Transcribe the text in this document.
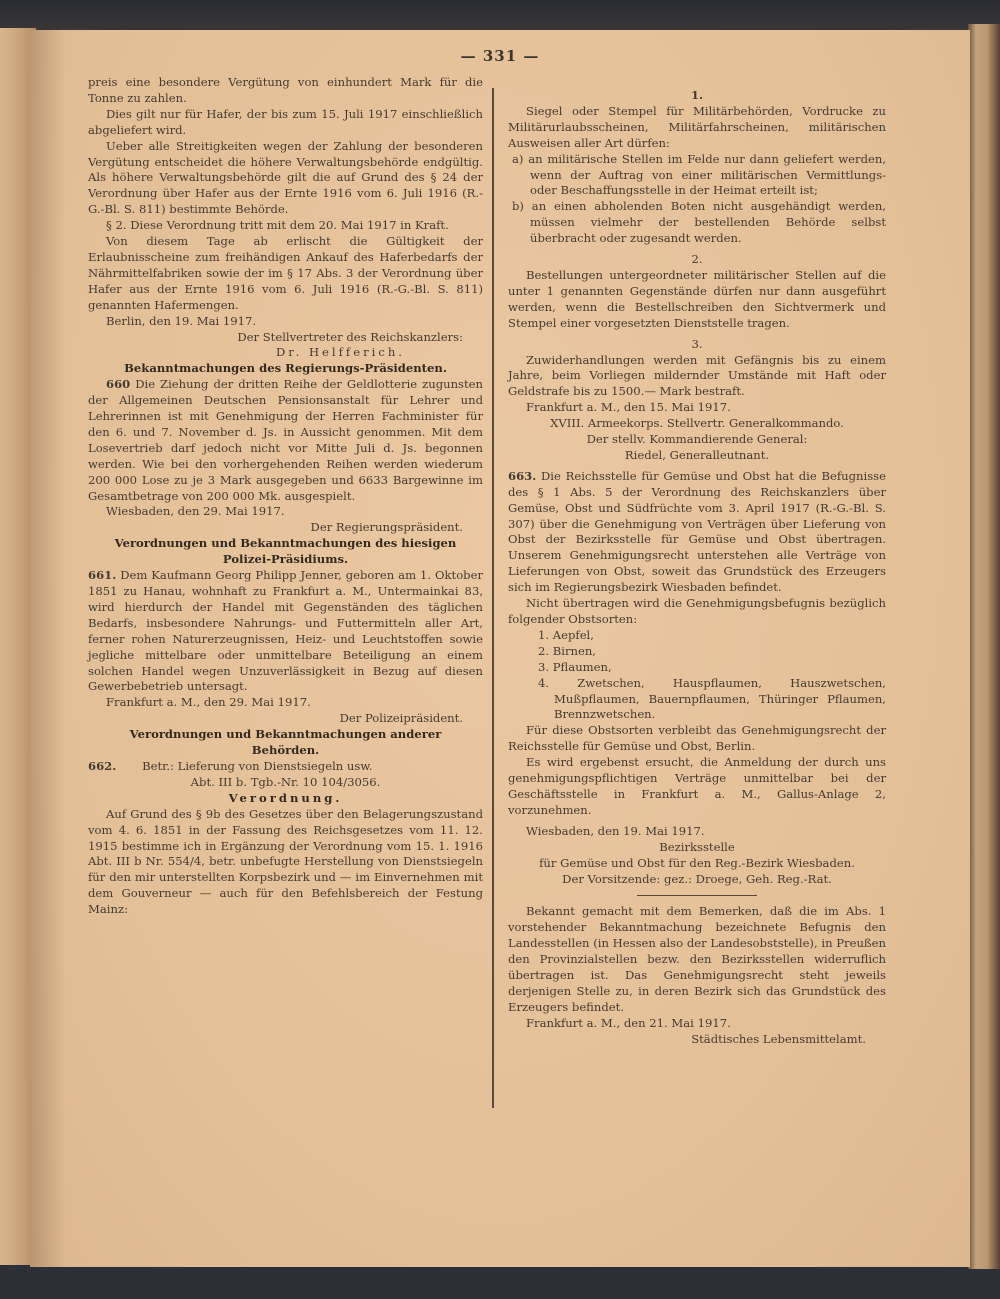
— 331 —

preis eine besondere Vergütung von einhundert Mark für die Tonne zu zahlen.

Dies gilt nur für Hafer, der bis zum 15. Juli 1917 einschließlich abgeliefert wird.

Ueber alle Streitigkeiten wegen der Zahlung der besonderen Vergütung entscheidet die höhere Verwaltungsbehörde endgültig. Als höhere Verwaltungsbehörde gilt die auf Grund des § 24 der Verordnung über Hafer aus der Ernte 1916 vom 6. Juli 1916 (R.-G.-Bl. S. 811) bestimmte Behörde.

§ 2. Diese Verordnung tritt mit dem 20. Mai 1917 in Kraft.

Von diesem Tage ab erlischt die Gültigkeit der Erlaubnisscheine zum freihändigen Ankauf des Haferbedarfs der Nährmittelfabriken sowie der im § 17 Abs. 3 der Verordnung über Hafer aus der Ernte 1916 vom 6. Juli 1916 (R.-G.-Bl. S. 811) genannten Hafermengen.

Berlin, den 19. Mai 1917.

Der Stellvertreter des Reichskanzlers:

Dr. Helfferich.

Bekanntmachungen des Regierungs-Präsidenten.

660 Die Ziehung der dritten Reihe der Geldlotterie zugunsten der Allgemeinen Deutschen Pensionsanstalt für Lehrer und Lehrerinnen ist mit Genehmigung der Herren Fachminister für den 6. und 7. November d. Js. in Aussicht genommen. Mit dem Losevertrieb darf jedoch nicht vor Mitte Juli d. Js. begonnen werden. Wie bei den vorhergehenden Reihen werden wiederum 200 000 Lose zu je 3 Mark ausgegeben und 6633 Bargewinne im Gesamtbetrage von 200 000 Mk. ausgespielt.

Wiesbaden, den 29. Mai 1917.

Der Regierungspräsident.

Verordnungen und Bekanntmachungen des hiesigen
Polizei-Präsidiums.

661. Dem Kaufmann Georg Philipp Jenner, geboren am 1. Oktober 1851 zu Hanau, wohnhaft zu Frankfurt a. M., Untermainkai 83, wird hierdurch der Handel mit Gegenständen des täglichen Bedarfs, insbesondere Nahrungs- und Futtermitteln aller Art, ferner rohen Naturerzeugnissen, Heiz- und Leuchtstoffen sowie jegliche mittelbare oder unmittelbare Beteiligung an einem solchen Handel wegen Unzuverlässigkeit in Bezug auf diesen Gewerbebetrieb untersagt.

Frankfurt a. M., den 29. Mai 1917.

Der Polizeipräsident.

Verordnungen und Bekanntmachungen anderer
Behörden.

662. Betr.: Lieferung von Dienstsiegeln usw.

Abt. III b. Tgb.-Nr. 10 104/3056.

Verordnung.

Auf Grund des § 9b des Gesetzes über den Belagerungszustand vom 4. 6. 1851 in der Fassung des Reichsgesetzes vom 11. 12. 1915 bestimme ich in Ergänzung der Verordnung vom 15. 1. 1916 Abt. III b Nr. 554/4, betr. unbefugte Herstellung von Dienstsiegeln für den mir unterstellten Korpsbezirk und — im Einvernehmen mit dem Gouverneur — auch für den Befehlsbereich der Festung Mainz:

1.

Siegel oder Stempel für Militärbehörden, Vordrucke zu Militärurlaubsscheinen, Militärfahrscheinen, militärischen Ausweisen aller Art dürfen:

a) an militärische Stellen im Felde nur dann geliefert werden, wenn der Auftrag von einer militärischen Vermittlungs- oder Beschaffungsstelle in der Heimat erteilt ist;

b) an einen abholenden Boten nicht ausgehändigt werden, müssen vielmehr der bestellenden Behörde selbst überbracht oder zugesandt werden.

2.

Bestellungen untergeordneter militärischer Stellen auf die unter 1 genannten Gegenstände dürfen nur dann ausgeführt werden, wenn die Bestellschreiben den Sichtvermerk und Stempel einer vorgesetzten Dienststelle tragen.

3.

Zuwiderhandlungen werden mit Gefängnis bis zu einem Jahre, beim Vorliegen mildernder Umstände mit Haft oder Geldstrafe bis zu 1500.— Mark bestraft.

Frankfurt a. M., den 15. Mai 1917.

XVIII. Armeekorps. Stellvertr. Generalkommando.

Der stellv. Kommandierende General:

Riedel, Generalleutnant.

663. Die Reichsstelle für Gemüse und Obst hat die Befugnisse des § 1 Abs. 5 der Verordnung des Reichskanzlers über Gemüse, Obst und Südfrüchte vom 3. April 1917 (R.-G.-Bl. S. 307) über die Genehmigung von Verträgen über Lieferung von Obst der Bezirksstelle für Gemüse und Obst übertragen. Unserem Genehmigungsrecht unterstehen alle Verträge von Lieferungen von Obst, soweit das Grundstück des Erzeugers sich im Regierungsbezirk Wiesbaden befindet.

Nicht übertragen wird die Genehmigungsbefugnis bezüglich folgender Obstsorten:

1. Aepfel,

2. Birnen,

3. Pflaumen,

4. Zwetschen, Hauspflaumen, Hauszwetschen, Mußpflaumen, Bauernpflaumen, Thüringer Pflaumen, Brennzwetschen.

Für diese Obstsorten verbleibt das Genehmigungsrecht der Reichsstelle für Gemüse und Obst, Berlin.

Es wird ergebenst ersucht, die Anmeldung der durch uns genehmigungspflichtigen Verträge unmittelbar bei der Geschäftsstelle in Frankfurt a. M., Gallus-Anlage 2, vorzunehmen.

Wiesbaden, den 19. Mai 1917.

Bezirksstelle

für Gemüse und Obst für den Reg.-Bezirk Wiesbaden.

Der Vorsitzende: gez.: Droege, Geh. Reg.-Rat.

Bekannt gemacht mit dem Bemerken, daß die im Abs. 1 vorstehender Bekanntmachung bezeichnete Befugnis den Landesstellen (in Hessen also der Landesobststelle), in Preußen den Provinzialstellen bezw. den Bezirksstellen widerruflich übertragen ist. Das Genehmigungsrecht steht jeweils derjenigen Stelle zu, in deren Bezirk sich das Grundstück des Erzeugers befindet.

Frankfurt a. M., den 21. Mai 1917.

Städtisches Lebensmittelamt.
